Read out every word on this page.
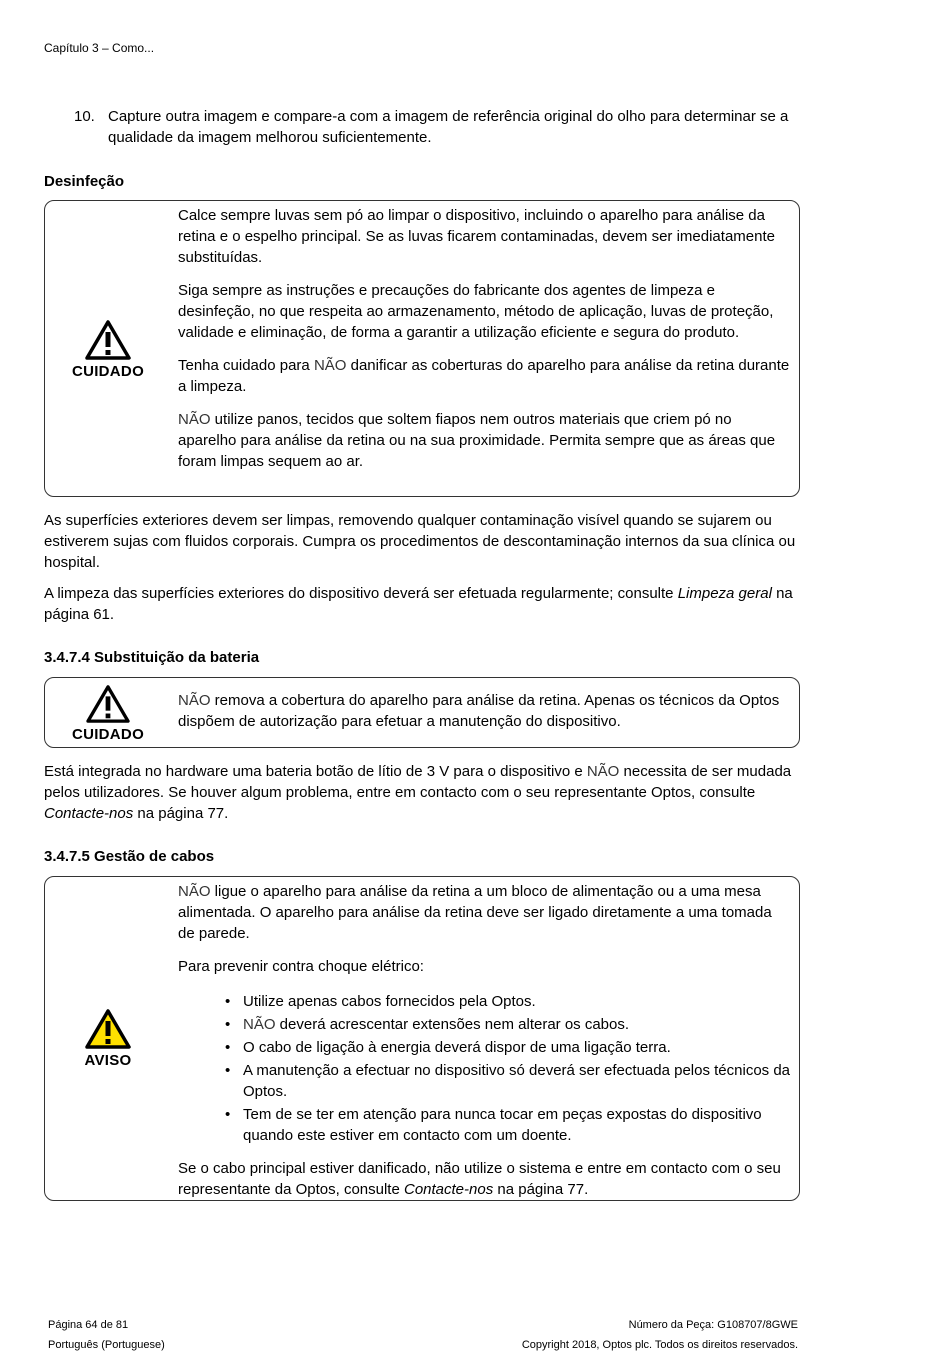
Capítulo 3 – Como...
10. Capture outra imagem e compare-a com a imagem de referência original do olho para determinar se a qualidade da imagem melhorou suficientemente.
Desinfeção
CUIDADO

Calce sempre luvas sem pó ao limpar o dispositivo, incluindo o aparelho para análise da retina e o espelho principal. Se as luvas ficarem contaminadas, devem ser imediatamente substituídas.

Siga sempre as instruções e precauções do fabricante dos agentes de limpeza e desinfeção, no que respeita ao armazenamento, método de aplicação, luvas de proteção, validade e eliminação, de forma a garantir a utilização eficiente e segura do produto.

Tenha cuidado para NÃO danificar as coberturas do aparelho para análise da retina durante a limpeza.

NÃO utilize panos, tecidos que soltem fiapos nem outros materiais que criem pó no aparelho para análise da retina ou na sua proximidade. Permita sempre que as áreas que foram limpas sequem ao ar.

As superfícies exteriores devem ser limpas, removendo qualquer contaminação visível quando se sujarem ou estiverem sujas com fluidos corporais. Cumpra os procedimentos de descontaminação internos da sua clínica ou hospital.

A limpeza das superfícies exteriores do dispositivo deverá ser efetuada regularmente; consulte Limpeza geral na página 61.

3.4.7.4 Substituição da bateria
CUIDADO

NÃO remova a cobertura do aparelho para análise da retina. Apenas os técnicos da Optos dispõem de autorização para efetuar a manutenção do dispositivo.

Está integrada no hardware uma bateria botão de lítio de 3 V para o dispositivo e NÃO necessita de ser mudada pelos utilizadores. Se houver algum problema, entre em contacto com o seu representante Optos, consulte Contacte-nos na página 77.

3.4.7.5 Gestão de cabos
AVISO

NÃO ligue o aparelho para análise da retina a um bloco de alimentação ou a uma mesa alimentada. O aparelho para análise da retina deve ser ligado diretamente a uma tomada de parede.

Para prevenir contra choque elétrico:

• Utilize apenas cabos fornecidos pela Optos.
• NÃO deverá acrescentar extensões nem alterar os cabos.
• O cabo de ligação à energia deverá dispor de uma ligação terra.
• A manutenção a efectuar no dispositivo só deverá ser efectuada pelos técnicos da Optos.
• Tem de se ter em atenção para nunca tocar em peças expostas do dispositivo quando este estiver em contacto com um doente.

Se o cabo principal estiver danificado, não utilize o sistema e entre em contacto com o seu representante da Optos, consulte Contacte-nos na página 77.

Página 64 de 81
Português (Portuguese)
Número da Peça: G108707/8GWE
Copyright 2018, Optos plc. Todos os direitos reservados.
